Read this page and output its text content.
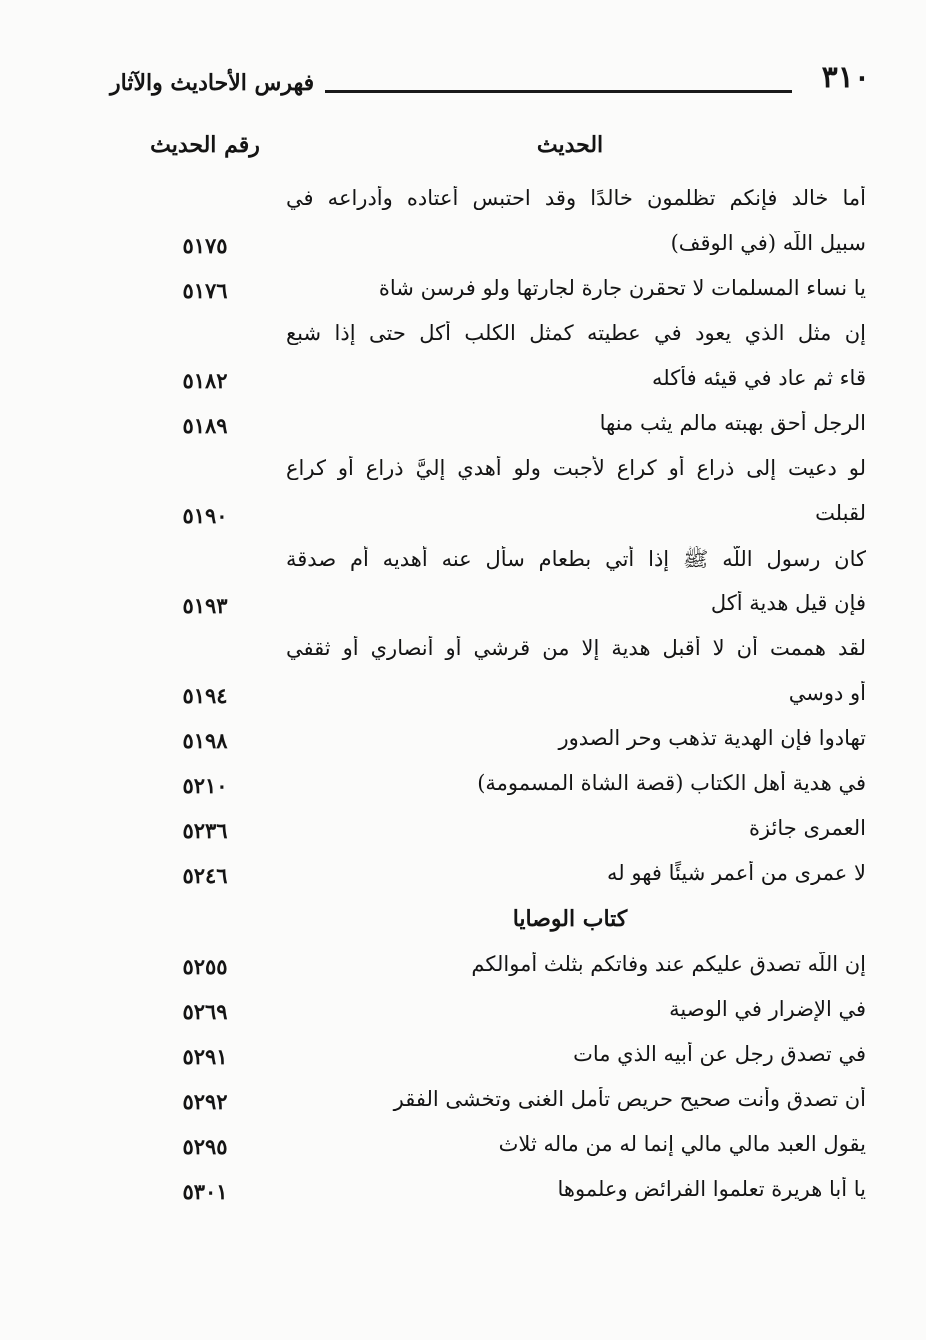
٣١٠
فهرس الأحاديث والآثار
الحديث
رقم الحديث
أما خالد فإنكم تظلمون خالدًا وقد احتبس أعتاده وأدراعه في
سبيل اللَّه (في الوقف)
٥١٧٥
يا نساء المسلمات لا تحقرن جارة لجارتها ولو فرسن شاة
٥١٧٦
إن مثل الذي يعود في عطيته كمثل الكلب أكل حتى إذا شبع
قاء ثم عاد في قيئه فأكله
٥١٨٢
الرجل أحق بهبته مالم يثب منها
٥١٨٩
لو دعيت إلى ذراع أو كراع لأجبت ولو أهدي إليَّ ذراع أو كراع
لقبلت
٥١٩٠
كان رسول اللَّه ﷺ إذا أتي بطعام سأل عنه أهديه أم صدقة
فإن قيل هدية أكل
٥١٩٣
لقد هممت أن لا أقبل هدية إلا من قرشي أو أنصاري أو ثقفي
أو دوسي
٥١٩٤
تهادوا فإن الهدية تذهب وحر الصدور
٥١٩٨
في هدية أهل الكتاب (قصة الشاة المسمومة)
٥٢١٠
العمرى جائزة
٥٢٣٦
لا عمرى من أعمر شيئًا فهو له
٥٢٤٦
كتاب الوصايا
إن اللَّه تصدق عليكم عند وفاتكم بثلث أموالكم
٥٢٥٥
في الإضرار في الوصية
٥٢٦٩
في تصدق رجل عن أبيه الذي مات
٥٢٩١
أن تصدق وأنت صحيح حريص تأمل الغنى وتخشى الفقر
٥٢٩٢
يقول العبد مالي مالي إنما له من ماله ثلاث
٥٢٩٥
يا أبا هريرة تعلموا الفرائض وعلموها
٥٣٠١
